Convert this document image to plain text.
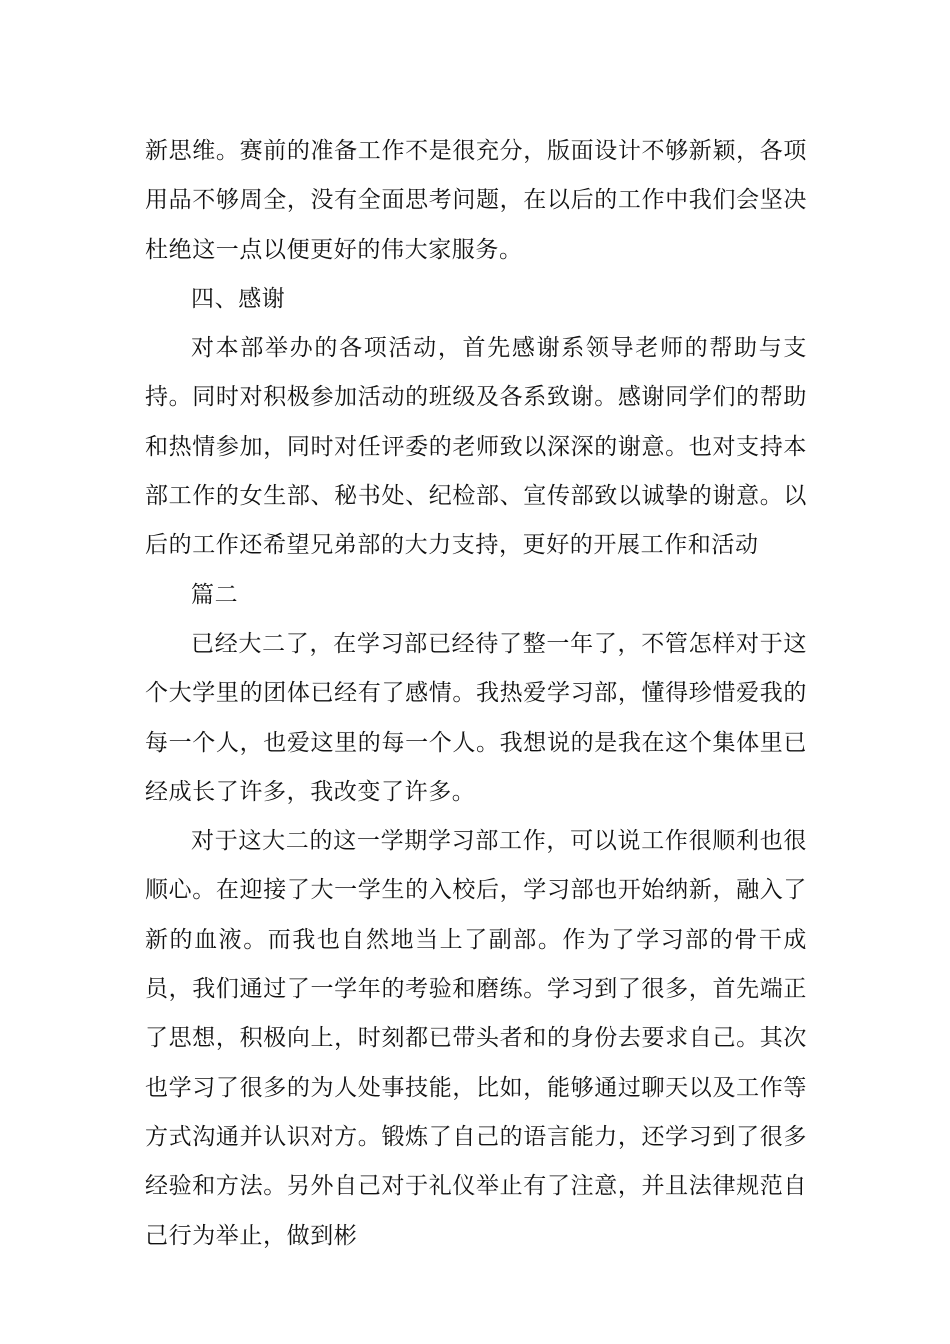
新思维。赛前的准备工作不是很充分，版面设计不够新颖，各项用品不够周全，没有全面思考问题，在以后的工作中我们会坚决杜绝这一点以便更好的伟大家服务。

四、感谢

对本部举办的各项活动，首先感谢系领导老师的帮助与支持。同时对积极参加活动的班级及各系致谢。感谢同学们的帮助和热情参加，同时对任评委的老师致以深深的谢意。也对支持本部工作的女生部、秘书处、纪检部、宣传部致以诚挚的谢意。以后的工作还希望兄弟部的大力支持，更好的开展工作和活动

篇二

已经大二了，在学习部已经待了整一年了，不管怎样对于这个大学里的团体已经有了感情。我热爱学习部，懂得珍惜爱我的每一个人，也爱这里的每一个人。我想说的是我在这个集体里已经成长了许多，我改变了许多。

对于这大二的这一学期学习部工作，可以说工作很顺利也很顺心。在迎接了大一学生的入校后，学习部也开始纳新，融入了新的血液。而我也自然地当上了副部。作为了学习部的骨干成员，我们通过了一学年的考验和磨练。学习到了很多，首先端正了思想，积极向上，时刻都已带头者和的身份去要求自己。其次也学习了很多的为人处事技能，比如，能够通过聊天以及工作等方式沟通并认识对方。锻炼了自己的语言能力，还学习到了很多经验和方法。另外自己对于礼仪举止有了注意，并且法律规范自己行为举止，做到彬
